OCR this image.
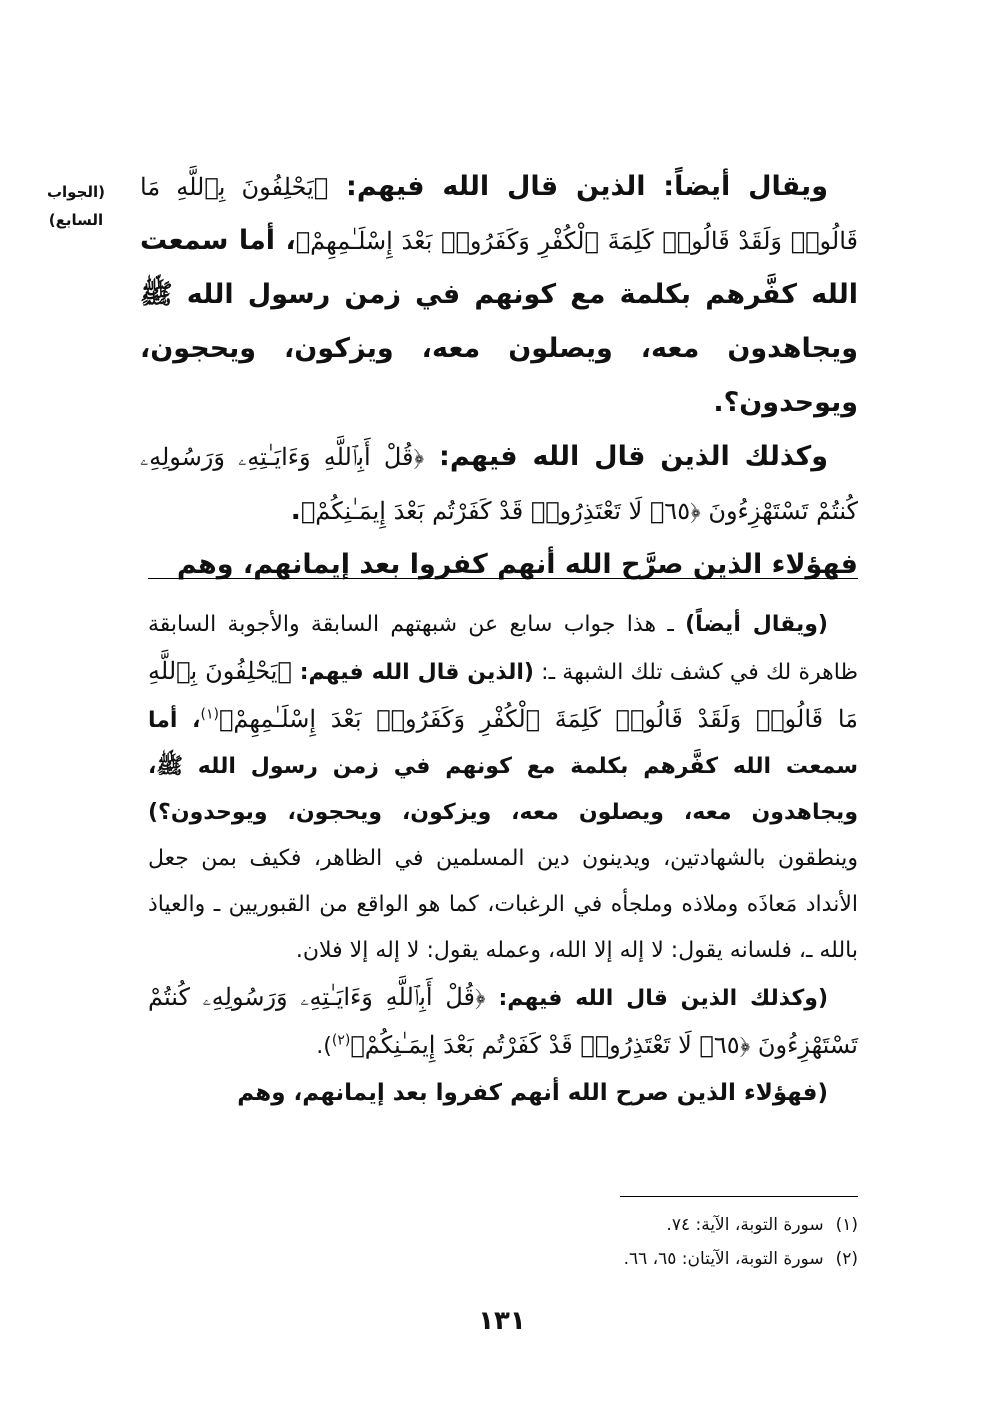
(الجواب
السابع)

ويقال أيضاً: الذين قال الله فيهم: ﴿يَحْلِفُونَ بِٱللَّهِ مَا قَالُوا۟ وَلَقَدْ قَالُوا۟ كَلِمَةَ ٱلْكُفْرِ وَكَفَرُوا۟ بَعْدَ إِسْلَـٰمِهِمْ﴾، أما سمعت الله كفَّرهم بكلمة مع كونهم في زمن رسول الله ﷺ ويجاهدون معه، ويصلون معه، ويزكون، ويحجون، ويوحدون؟.

وكذلك الذين قال الله فيهم: ﴿قُلْ أَبِٱللَّهِ وَءَايَـٰتِهِۦ وَرَسُولِهِۦ كُنتُمْ تَسْتَهْزِءُونَ ﴿٦٥﴾ لَا تَعْتَذِرُوا۟ قَدْ كَفَرْتُم بَعْدَ إِيمَـٰنِكُمْ﴾.

فهؤلاء الذين صرَّح الله أنهم كفروا بعد إيمانهم، وهم

(ويقال أيضاً) ـ هذا جواب سابع عن شبهتهم السابقة والأجوبة السابقة ظاهرة لك في كشف تلك الشبهة ـ: (الذين قال الله فيهم: ﴿يَحْلِفُونَ بِٱللَّهِ مَا قَالُوا۟ وَلَقَدْ قَالُوا۟ كَلِمَةَ ٱلْكُفْرِ وَكَفَرُوا۟ بَعْدَ إِسْلَـٰمِهِمْ﴾$^{(١)}$، أما سمعت الله كفَّرهم بكلمة مع كونهم في زمن رسول الله ﷺ، ويجاهدون معه، ويصلون معه، ويزكون، ويحجون، ويوحدون؟) وينطقون بالشهادتين، ويدينون دين المسلمين في الظاهر، فكيف بمن جعل الأنداد مَعاذَه وملاذه وملجأه في الرغبات، كما هو الواقع من القبوريين ـ والعياذ بالله ـ، فلسانه يقول: لا إله إلا الله، وعمله يقول: لا إله إلا فلان.

(وكذلك الذين قال الله فيهم: ﴿قُلْ أَبِٱللَّهِ وَءَايَـٰتِهِۦ وَرَسُولِهِۦ كُنتُمْ تَسْتَهْزِءُونَ ﴿٦٥﴾ لَا تَعْتَذِرُوا۟ قَدْ كَفَرْتُم بَعْدَ إِيمَـٰنِكُمْ﴾$^{(٢)}$).

(فهؤلاء الذين صرح الله أنهم كفروا بعد إيمانهم، وهم

(١)سورة التوبة، الآية: ٧٤.
(٢)سورة التوبة، الآيتان: ٦٥، ٦٦.
١٣١
